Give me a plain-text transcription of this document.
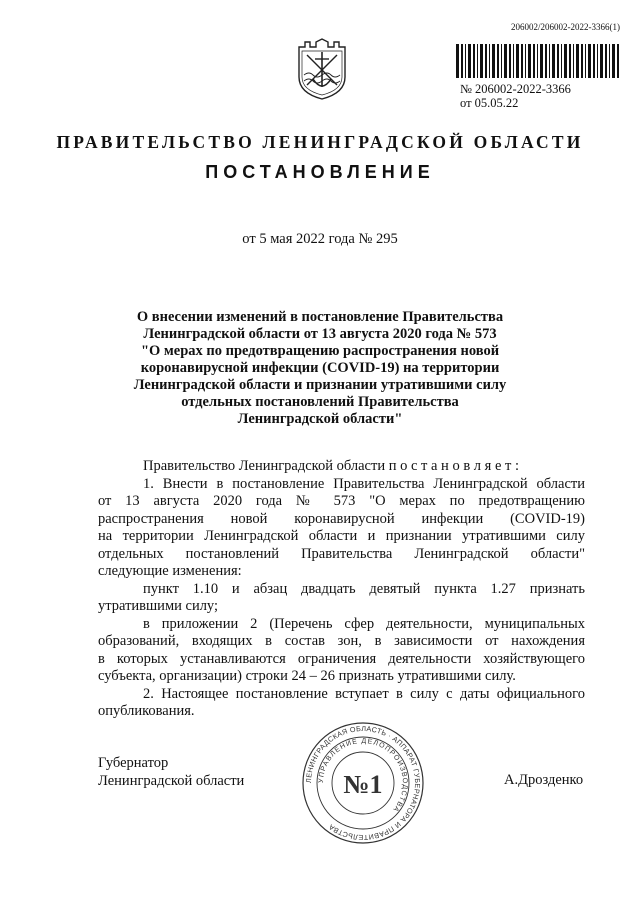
206002/206002-2022-3366(1)
№ 206002-2022-3366
от 05.05.22
ПРАВИТЕЛЬСТВО ЛЕНИНГРАДСКОЙ ОБЛАСТИ
ПОСТАНОВЛЕНИЕ
от 5 мая 2022 года № 295
О внесении изменений в постановление Правительства
Ленинградской области от 13 августа 2020 года № 573
"О мерах по предотвращению распространения новой
коронавирусной инфекции (COVID-19) на территории
Ленинградской области и признании утратившими силу
отдельных постановлений Правительства
Ленинградской области"

Правительство Ленинградской области п о с т а н о в л я е т :

1. Внести в постановление Правительства Ленинградской области

от 13 августа 2020 года № 573 "О мерах по предотвращению

распространения новой коронавирусной инфекции (COVID-19)

на территории Ленинградской области и признании утратившими силу

отдельных постановлений Правительства Ленинградской области"

следующие изменения:

пункт 1.10 и абзац двадцать девятый пункта 1.27 признать

утратившими силу;

в приложении 2 (Перечень сфер деятельности, муниципальных

образований, входящих в состав зон, в зависимости от нахождения

в которых устанавливаются ограничения деятельности хозяйствующего

субъекта, организации) строки 24 – 26 признать утратившими силу.

2. Настоящее постановление вступает в силу с даты официального

опубликования.

Губернатор
Ленинградской области	ЛЕНИНГРАДСКАЯ ОБЛАСТЬ · АППАРАТ ГУБЕРНАТОРА И ПРАВИТЕЛЬСТВА
УПРАВЛЕНИЕ ДЕЛОПРОИЗВОДСТВА
№1	А.Дрозденко
